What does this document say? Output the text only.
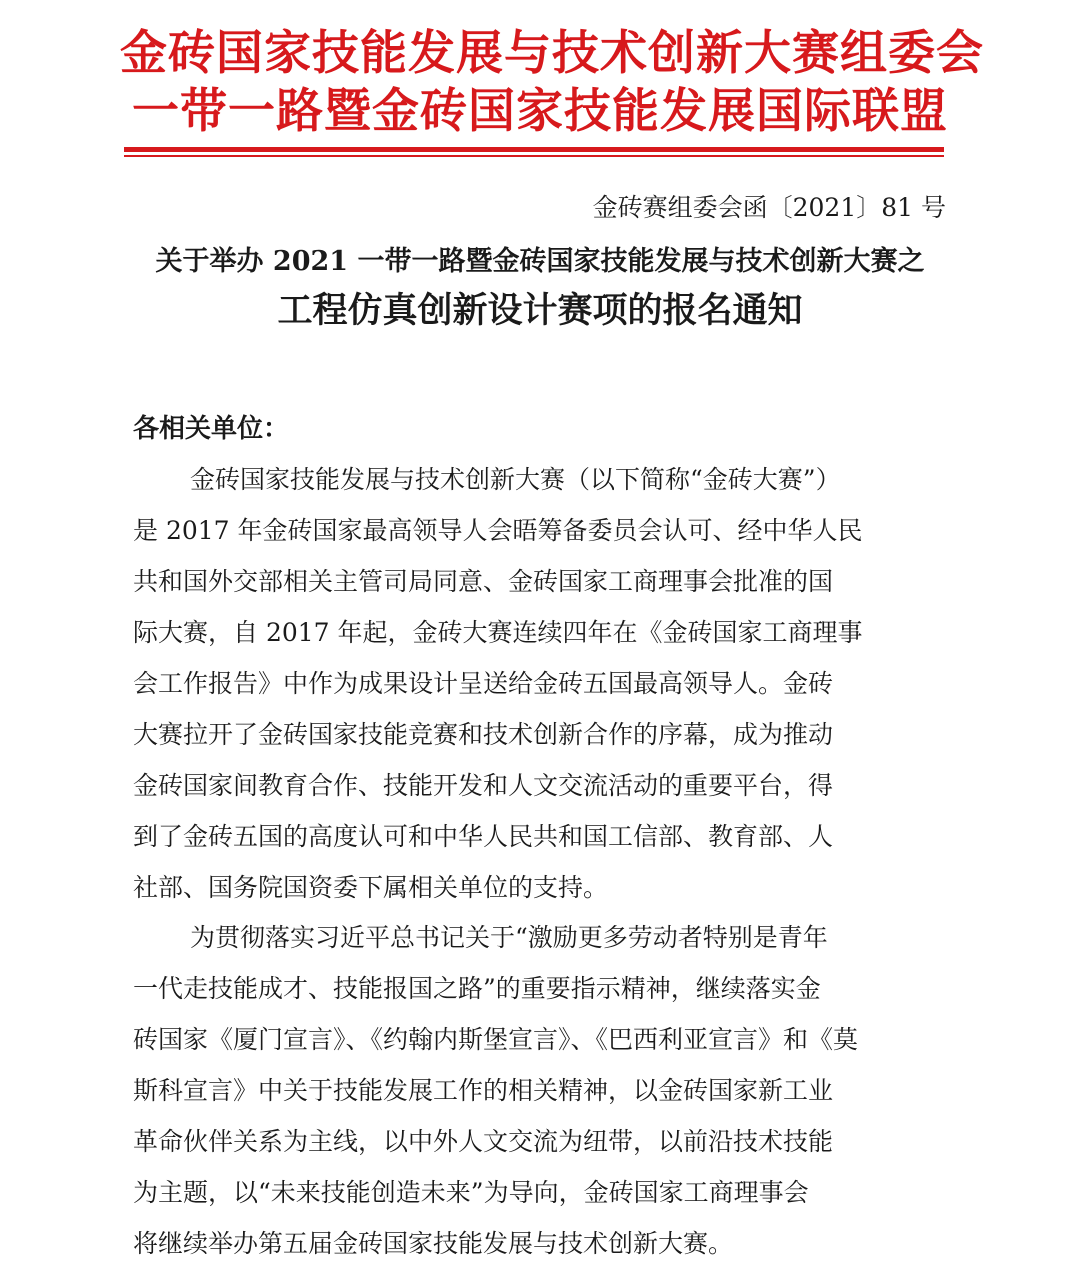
金砖国家技能发展与技术创新大赛组委会
一带一路暨金砖国家技能发展国际联盟
金砖赛组委会函〔2021〕81 号
关于举办 2021 一带一路暨金砖国家技能发展与技术创新大赛之
工程仿真创新设计赛项的报名通知
各相关单位：
金砖国家技能发展与技术创新大赛（以下简称“金砖大赛”）
是 2017 年金砖国家最高领导人会晤筹备委员会认可、经中华人民
共和国外交部相关主管司局同意、金砖国家工商理事会批准的国
际大赛，自 2017 年起，金砖大赛连续四年在《金砖国家工商理事
会工作报告》中作为成果设计呈送给金砖五国最高领导人。金砖
大赛拉开了金砖国家技能竞赛和技术创新合作的序幕，成为推动
金砖国家间教育合作、技能开发和人文交流活动的重要平台，得
到了金砖五国的高度认可和中华人民共和国工信部、教育部、人
社部、国务院国资委下属相关单位的支持。
为贯彻落实习近平总书记关于“激励更多劳动者特别是青年
一代走技能成才、技能报国之路”的重要指示精神，继续落实金
砖国家《厦门宣言》、《约翰内斯堡宣言》、《巴西利亚宣言》和《莫
斯科宣言》中关于技能发展工作的相关精神，以金砖国家新工业
革命伙伴关系为主线，以中外人文交流为纽带，以前沿技术技能
为主题，以“未来技能创造未来”为导向，金砖国家工商理事会
将继续举办第五届金砖国家技能发展与技术创新大赛。
